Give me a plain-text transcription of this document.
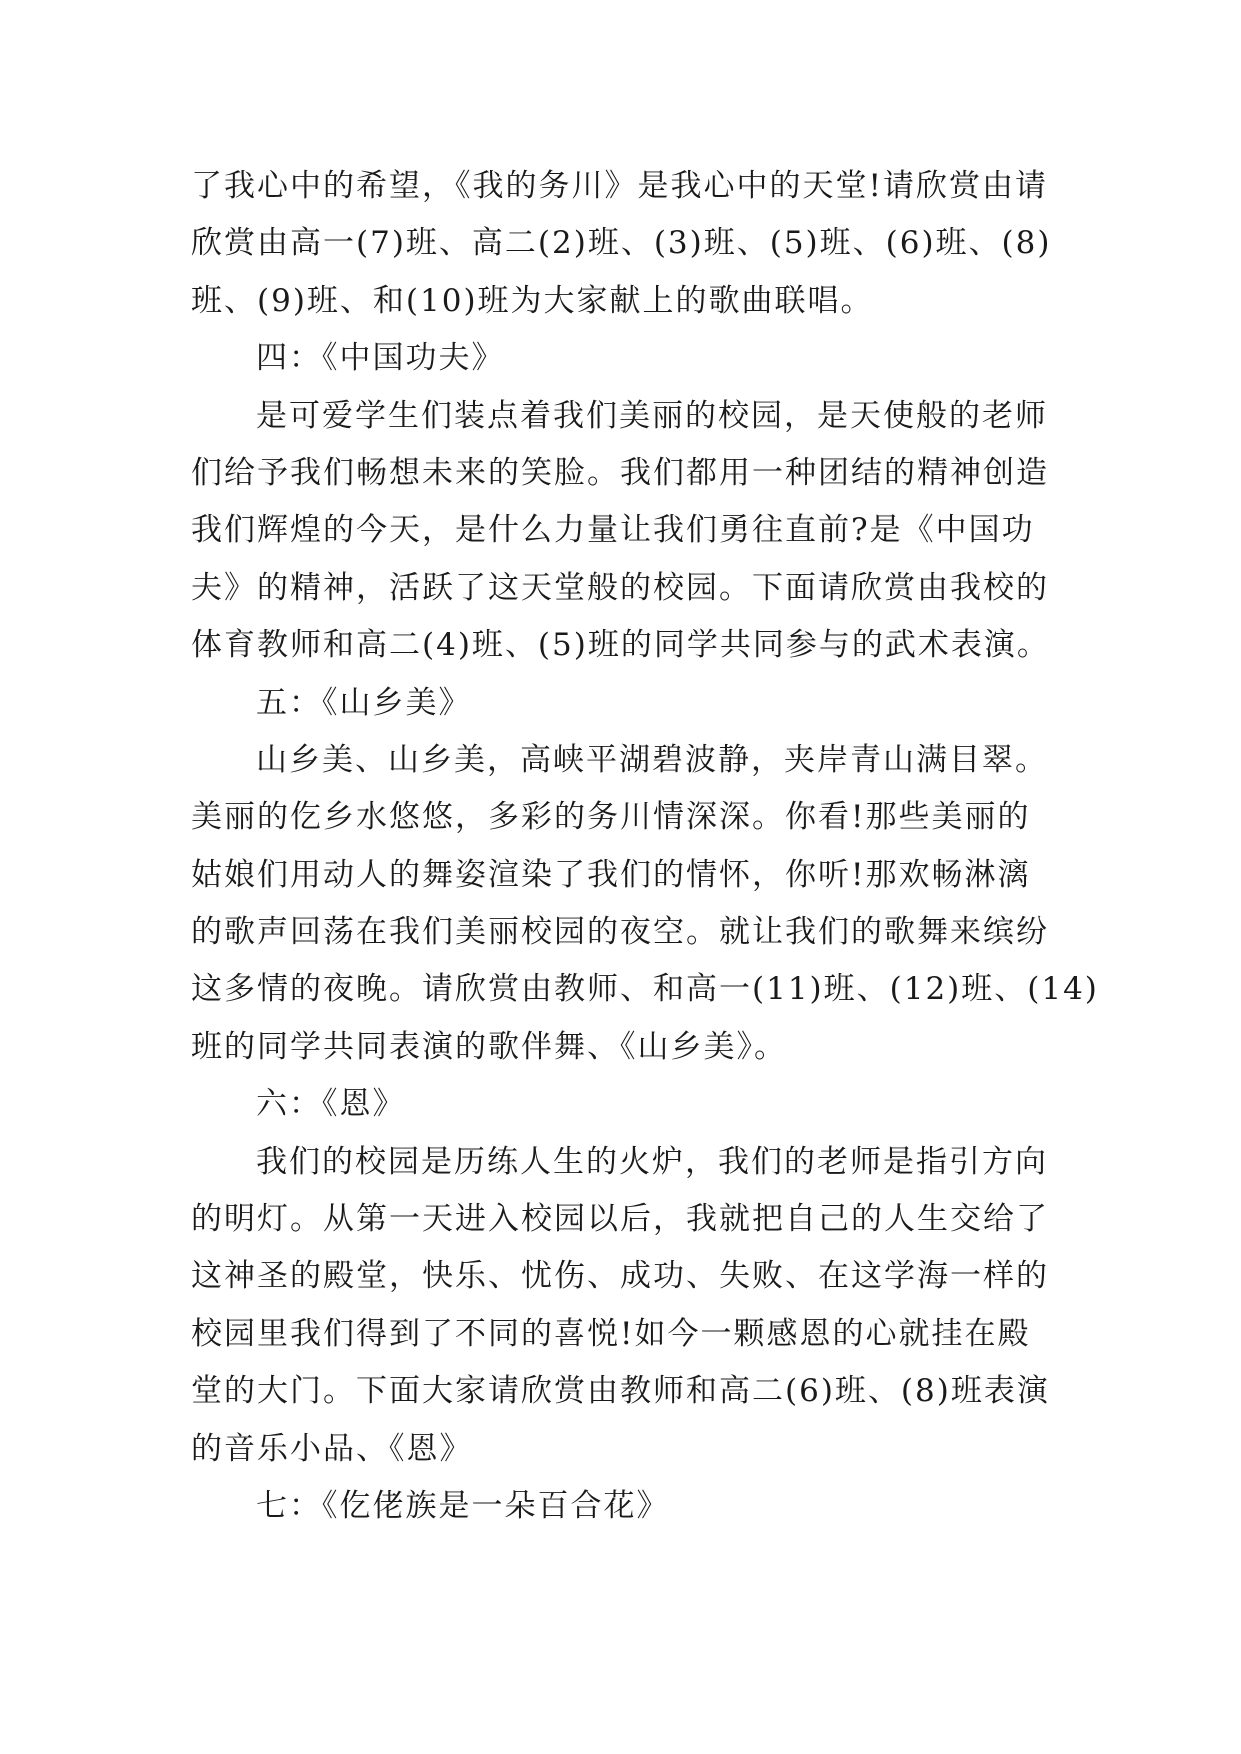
了我心中的希望，《我的务川》是我心中的天堂!请欣赏由请
欣赏由高一(7)班、高二(2)班、(3)班、(5)班、(6)班、(8)
班、(9)班、和(10)班为大家献上的歌曲联唱。
四：《中国功夫》
是可爱学生们装点着我们美丽的校园，是天使般的老师
们给予我们畅想未来的笑脸。我们都用一种团结的精神创造
我们辉煌的今天，是什么力量让我们勇往直前?是《中国功
夫》的精神，活跃了这天堂般的校园。下面请欣赏由我校的
体育教师和高二(4)班、(5)班的同学共同参与的武术表演。
五：《山乡美》
山乡美、山乡美，高峡平湖碧波静，夹岸青山满目翠。
美丽的仡乡水悠悠，多彩的务川情深深。你看!那些美丽的
姑娘们用动人的舞姿渲染了我们的情怀，你听!那欢畅淋漓
的歌声回荡在我们美丽校园的夜空。就让我们的歌舞来缤纷
这多情的夜晚。请欣赏由教师、和高一(11)班、(12)班、(14)
班的同学共同表演的歌伴舞、《山乡美》。
六：《恩》
我们的校园是历练人生的火炉，我们的老师是指引方向
的明灯。从第一天进入校园以后，我就把自己的人生交给了
这神圣的殿堂，快乐、忧伤、成功、失败、在这学海一样的
校园里我们得到了不同的喜悦!如今一颗感恩的心就挂在殿
堂的大门。下面大家请欣赏由教师和高二(6)班、(8)班表演
的音乐小品、《恩》
七：《仡佬族是一朵百合花》
